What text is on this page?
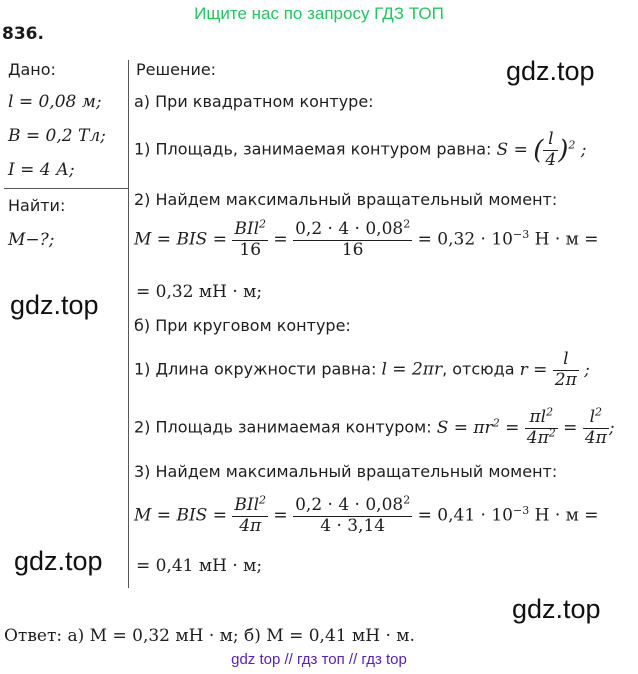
Ищите нас по запросу ГДЗ ТОП
836.
Дано:
l = 0,08 м;
B = 0,2 Тл;
I = 4 А;
Найти:
M−?;
Решение:
а) При квадратном контуре:
1) Площадь, занимаемая контуром равна: S = ( $\frac{l}{4} )^2$ ;
2) Найдем максимальный вращательный момент:
M = BIS = $\frac{BIl^2}{16} = \frac{0,2 \cdot 4 \cdot 0,08^2}{16} = 0,32 \cdot 10^{-3}$ Н · м =
= 0,32 мН · м;
б) При круговом контуре:
1) Длина окружности равна: l = 2πr, отсюда $r = \frac{l}{2\pi}$ ;
2) Площадь занимаемая контуром: $S = \pi r^2 = \frac{\pi l^2}{4\pi^2} = \frac{l^2}{4\pi}$ ;
3) Найдем максимальный вращательный момент:
M = BIS = $\frac{BIl^2}{4\pi} = \frac{0,2 \cdot 4 \cdot 0,08^2}{4 \cdot 3,14} = 0,41 \cdot 10^{-3}$ Н · м =
= 0,41 мН · м;
Ответ: а) M = 0,32 мН · м; б) M = 0,41 мН · м.
gdz.top
gdz.top
gdz.top
gdz.top
gdz top // гдз топ // гдз top
